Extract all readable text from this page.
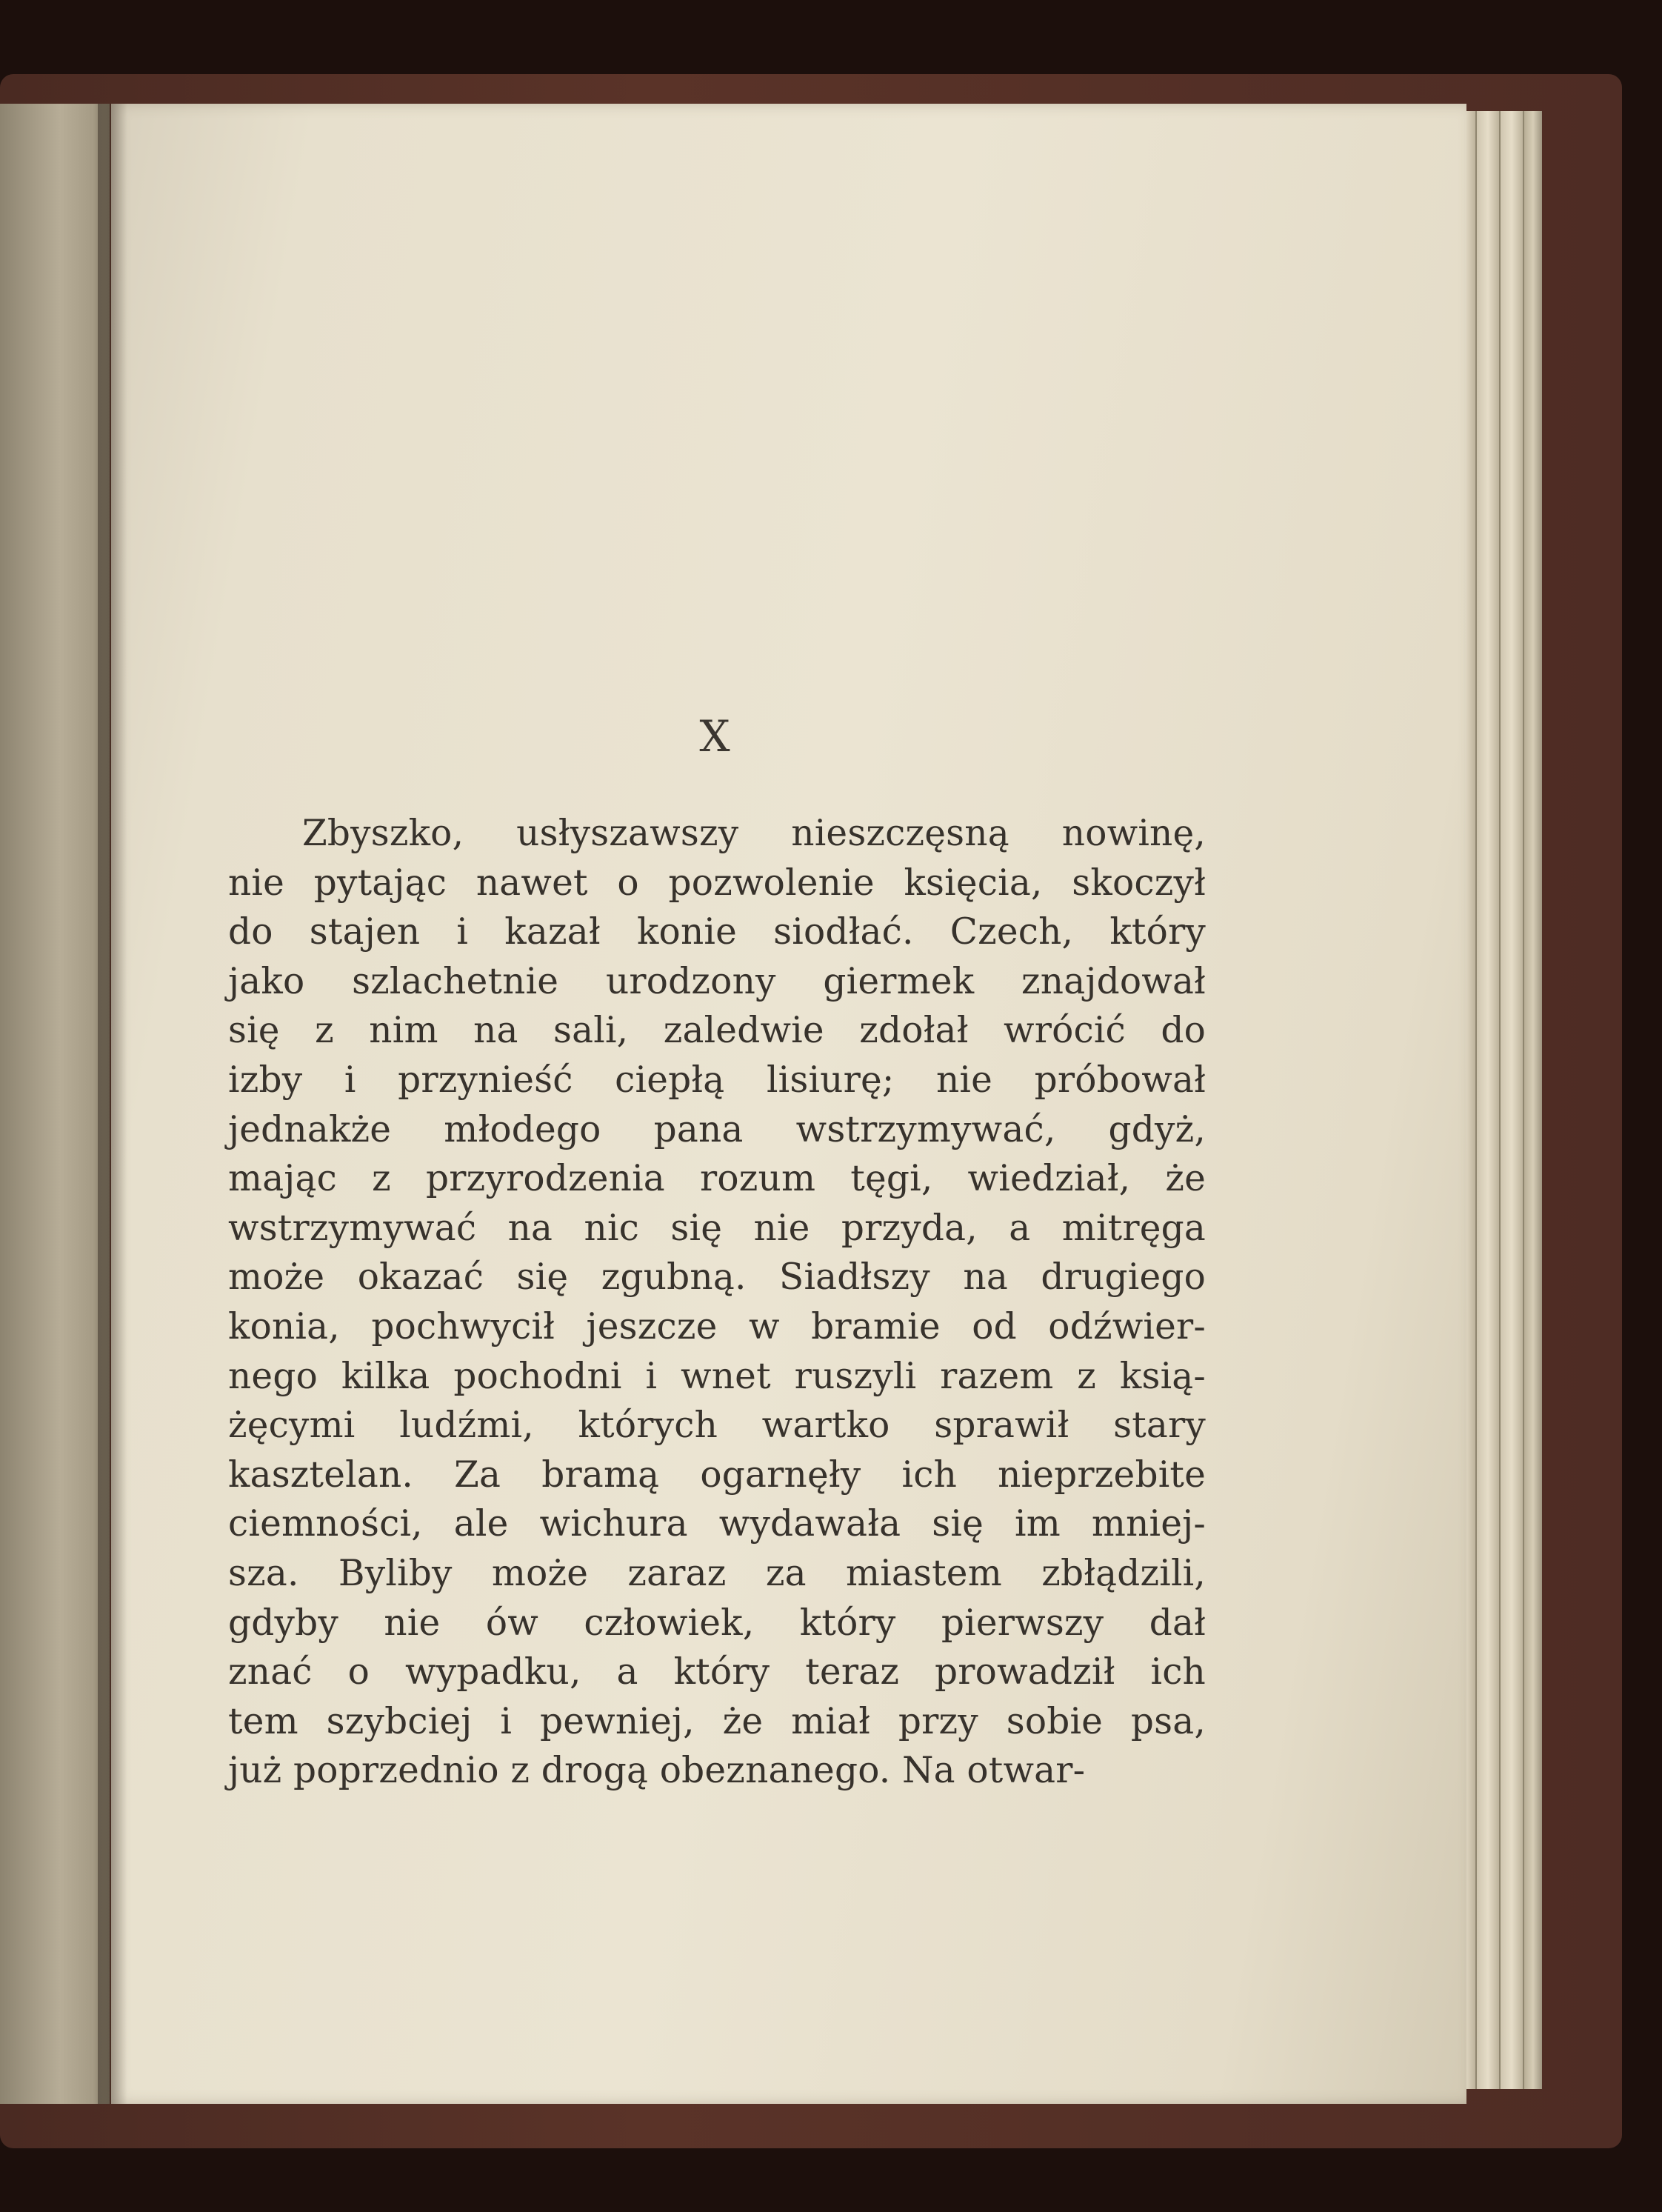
X
Zbyszko, usłyszawszy nieszczęsną nowinę,
nie pytając nawet o pozwolenie księcia, skoczył
do stajen i kazał konie siodłać. Czech, który
jako szlachetnie urodzony giermek znajdował
się z nim na sali, zaledwie zdołał wrócić do
izby i przynieść ciepłą lisiurę; nie próbował
jednakże młodego pana wstrzymywać, gdyż,
mając z przyrodzenia rozum tęgi, wiedział, że
wstrzymywać na nic się nie przyda, a mitręga
może okazać się zgubną. Siadłszy na drugiego
konia, pochwycił jeszcze w bramie od odźwier-
nego kilka pochodni i wnet ruszyli razem z ksią-
żęcymi ludźmi, których wartko sprawił stary
kasztelan. Za bramą ogarnęły ich nieprzebite
ciemności, ale wichura wydawała się im mniej-
sza. Byliby może zaraz za miastem zbłądzili,
gdyby nie ów człowiek, który pierwszy dał
znać o wypadku, a który teraz prowadził ich
tem szybciej i pewniej, że miał przy sobie psa,
już poprzednio z drogą obeznanego. Na otwar-
